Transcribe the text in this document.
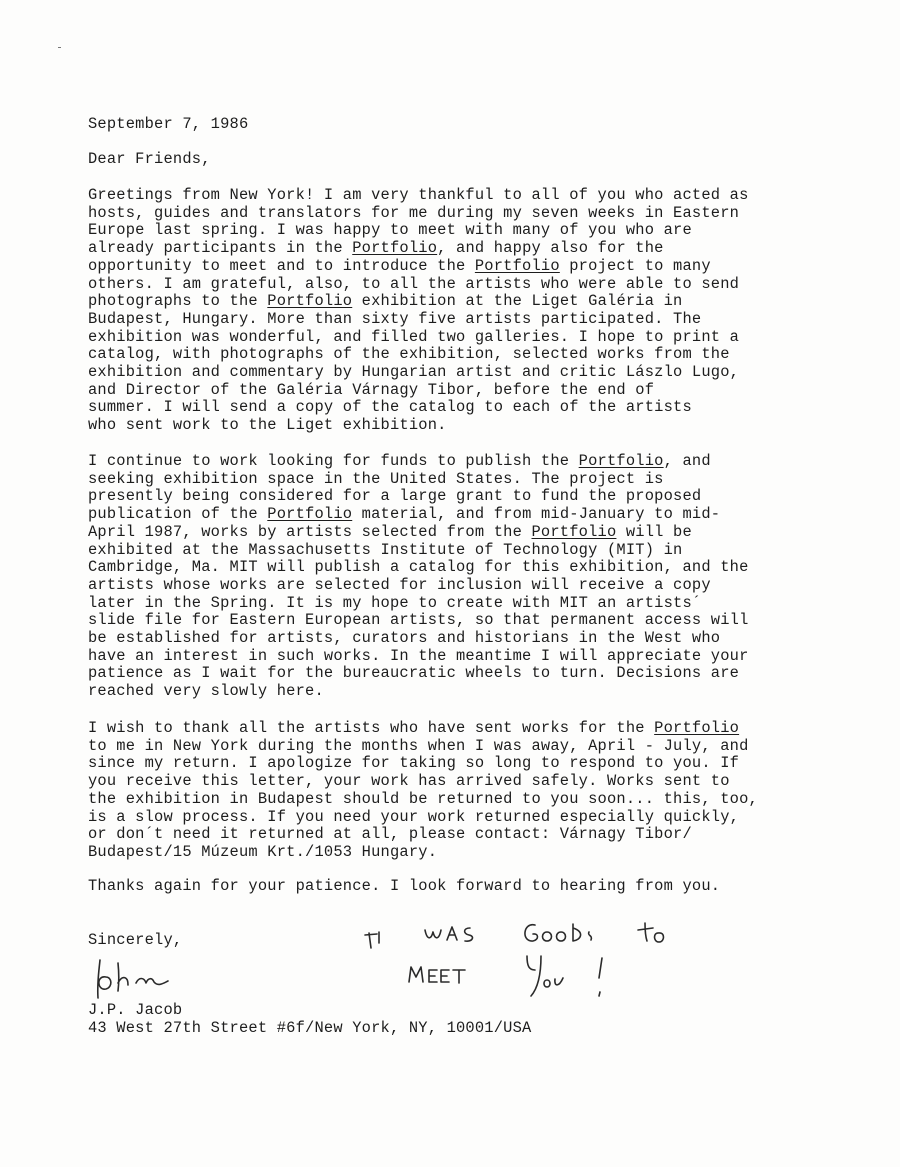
September 7, 1986

Dear Friends,

Greetings from New York! I am very thankful to all of you who acted as

hosts, guides and translators for me during my seven weeks in Eastern

Europe last spring. I was happy to meet with many of you who are

already participants in the Portfolio, and happy also for the

opportunity to meet and to introduce the Portfolio project to many

others. I am grateful, also, to all the artists who were able to send

photographs to the Portfolio exhibition at the Liget Galéria in

Budapest, Hungary. More than sixty five artists participated. The

exhibition was wonderful, and filled two galleries. I hope to print a

catalog, with photographs of the exhibition, selected works from the

exhibition and commentary by Hungarian artist and critic Lászlo Lugo,

and Director of the Galéria Várnagy Tibor, before the end of

summer. I will send a copy of the catalog to each of the artists

who sent work to the Liget exhibition.

I continue to work looking for funds to publish the Portfolio, and

seeking exhibition space in the United States. The project is

presently being considered for a large grant to fund the proposed

publication of the Portfolio material, and from mid-January to mid-

April 1987, works by artists selected from the Portfolio will be

exhibited at the Massachusetts Institute of Technology (MIT) in

Cambridge, Ma. MIT will publish a catalog for this exhibition, and the

artists whose works are selected for inclusion will receive a copy

later in the Spring. It is my hope to create with MIT an artists´

slide file for Eastern European artists, so that permanent access will

be established for artists, curators and historians in the West who

have an interest in such works. In the meantime I will appreciate your

patience as I wait for the bureaucratic wheels to turn. Decisions are

reached very slowly here.

I wish to thank all the artists who have sent works for the Portfolio

to me in New York during the months when I was away, April - July, and

since my return. I apologize for taking so long to respond to you. If

you receive this letter, your work has arrived safely. Works sent to

the exhibition in Budapest should be returned to you soon... this, too,

is a slow process. If you need your work returned especially quickly,

or don´t need it returned at all, please contact: Várnagy Tibor/

Budapest/15 Múzeum Krt./1053 Hungary.

Thanks again for your patience. I look forward to hearing from you.

Sincerely,

J.P. Jacob

43 West 27th Street #6f/New York, NY, 10001/USA
